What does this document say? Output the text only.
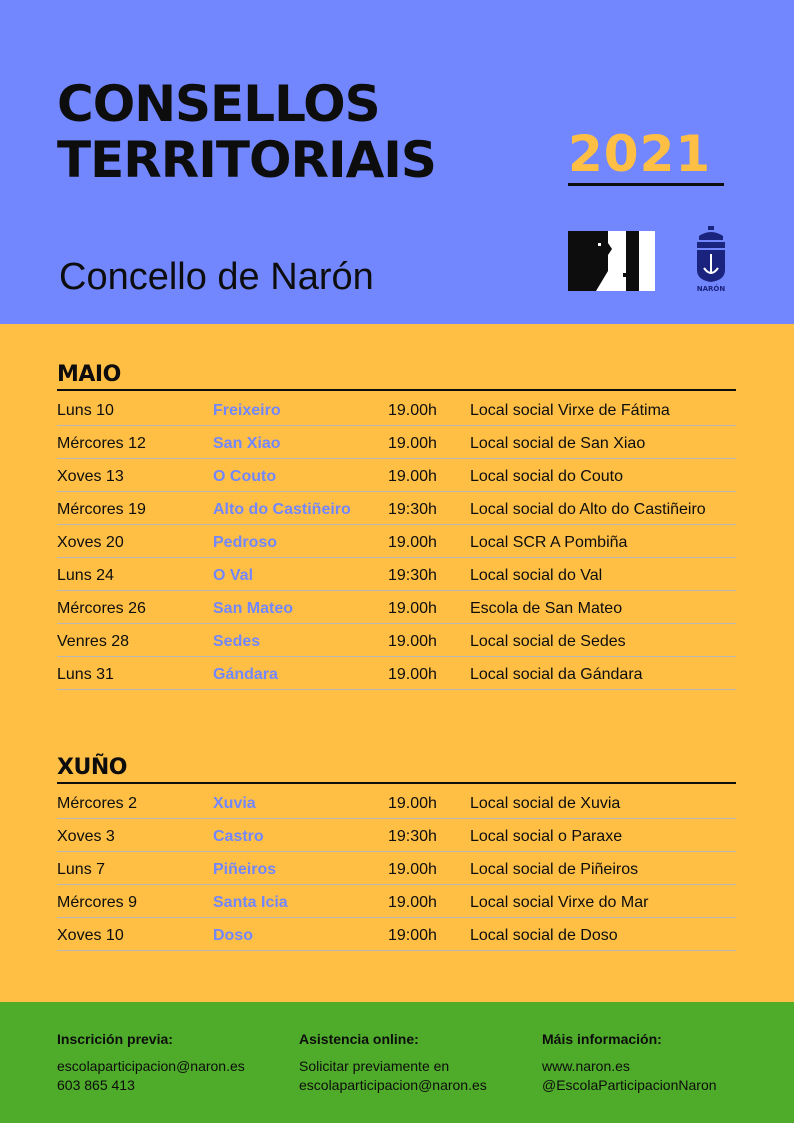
CONSELLOS
TERRITORIAIS	2021
Concello de Narón	NARÓN
MAIO
Luns 10	Freixeiro	19.00h Local social Virxe de Fátima
Mércores 12	San Xiao	19.00h Local social de San Xiao
Xoves 13	O Couto	19.00h Local social do Couto
Mércores 19	Alto do Castiñeiro 19:30h Local social do Alto do Castiñeiro
Xoves 20	Pedroso	19.00h Local SCR A Pombiña
Luns 24	O Val	19:30h Local social do Val
Mércores 26	San Mateo	19.00h Escola de San Mateo
Venres 28	Sedes	19.00h Local social de Sedes
Luns 31	Gándara	19.00h Local social da Gándara
XUÑO
Mércores 2	Xuvia	19.00h Local social de Xuvia
Xoves 3	Castro	19:30h Local social o Paraxe
Luns 7	Piñeiros	19.00h Local social de Piñeiros
Mércores 9	Santa Icia	19.00h Local social Virxe do Mar
Xoves 10	Doso	19:00h Local social de Doso
Inscrición previa:
escolaparticipacion@naron.es
603 865 413
Asistencia online:
Solicitar previamente en
escolaparticipacion@naron.es
Máis información:
www.naron.es
@EscolaParticipacionNaron
